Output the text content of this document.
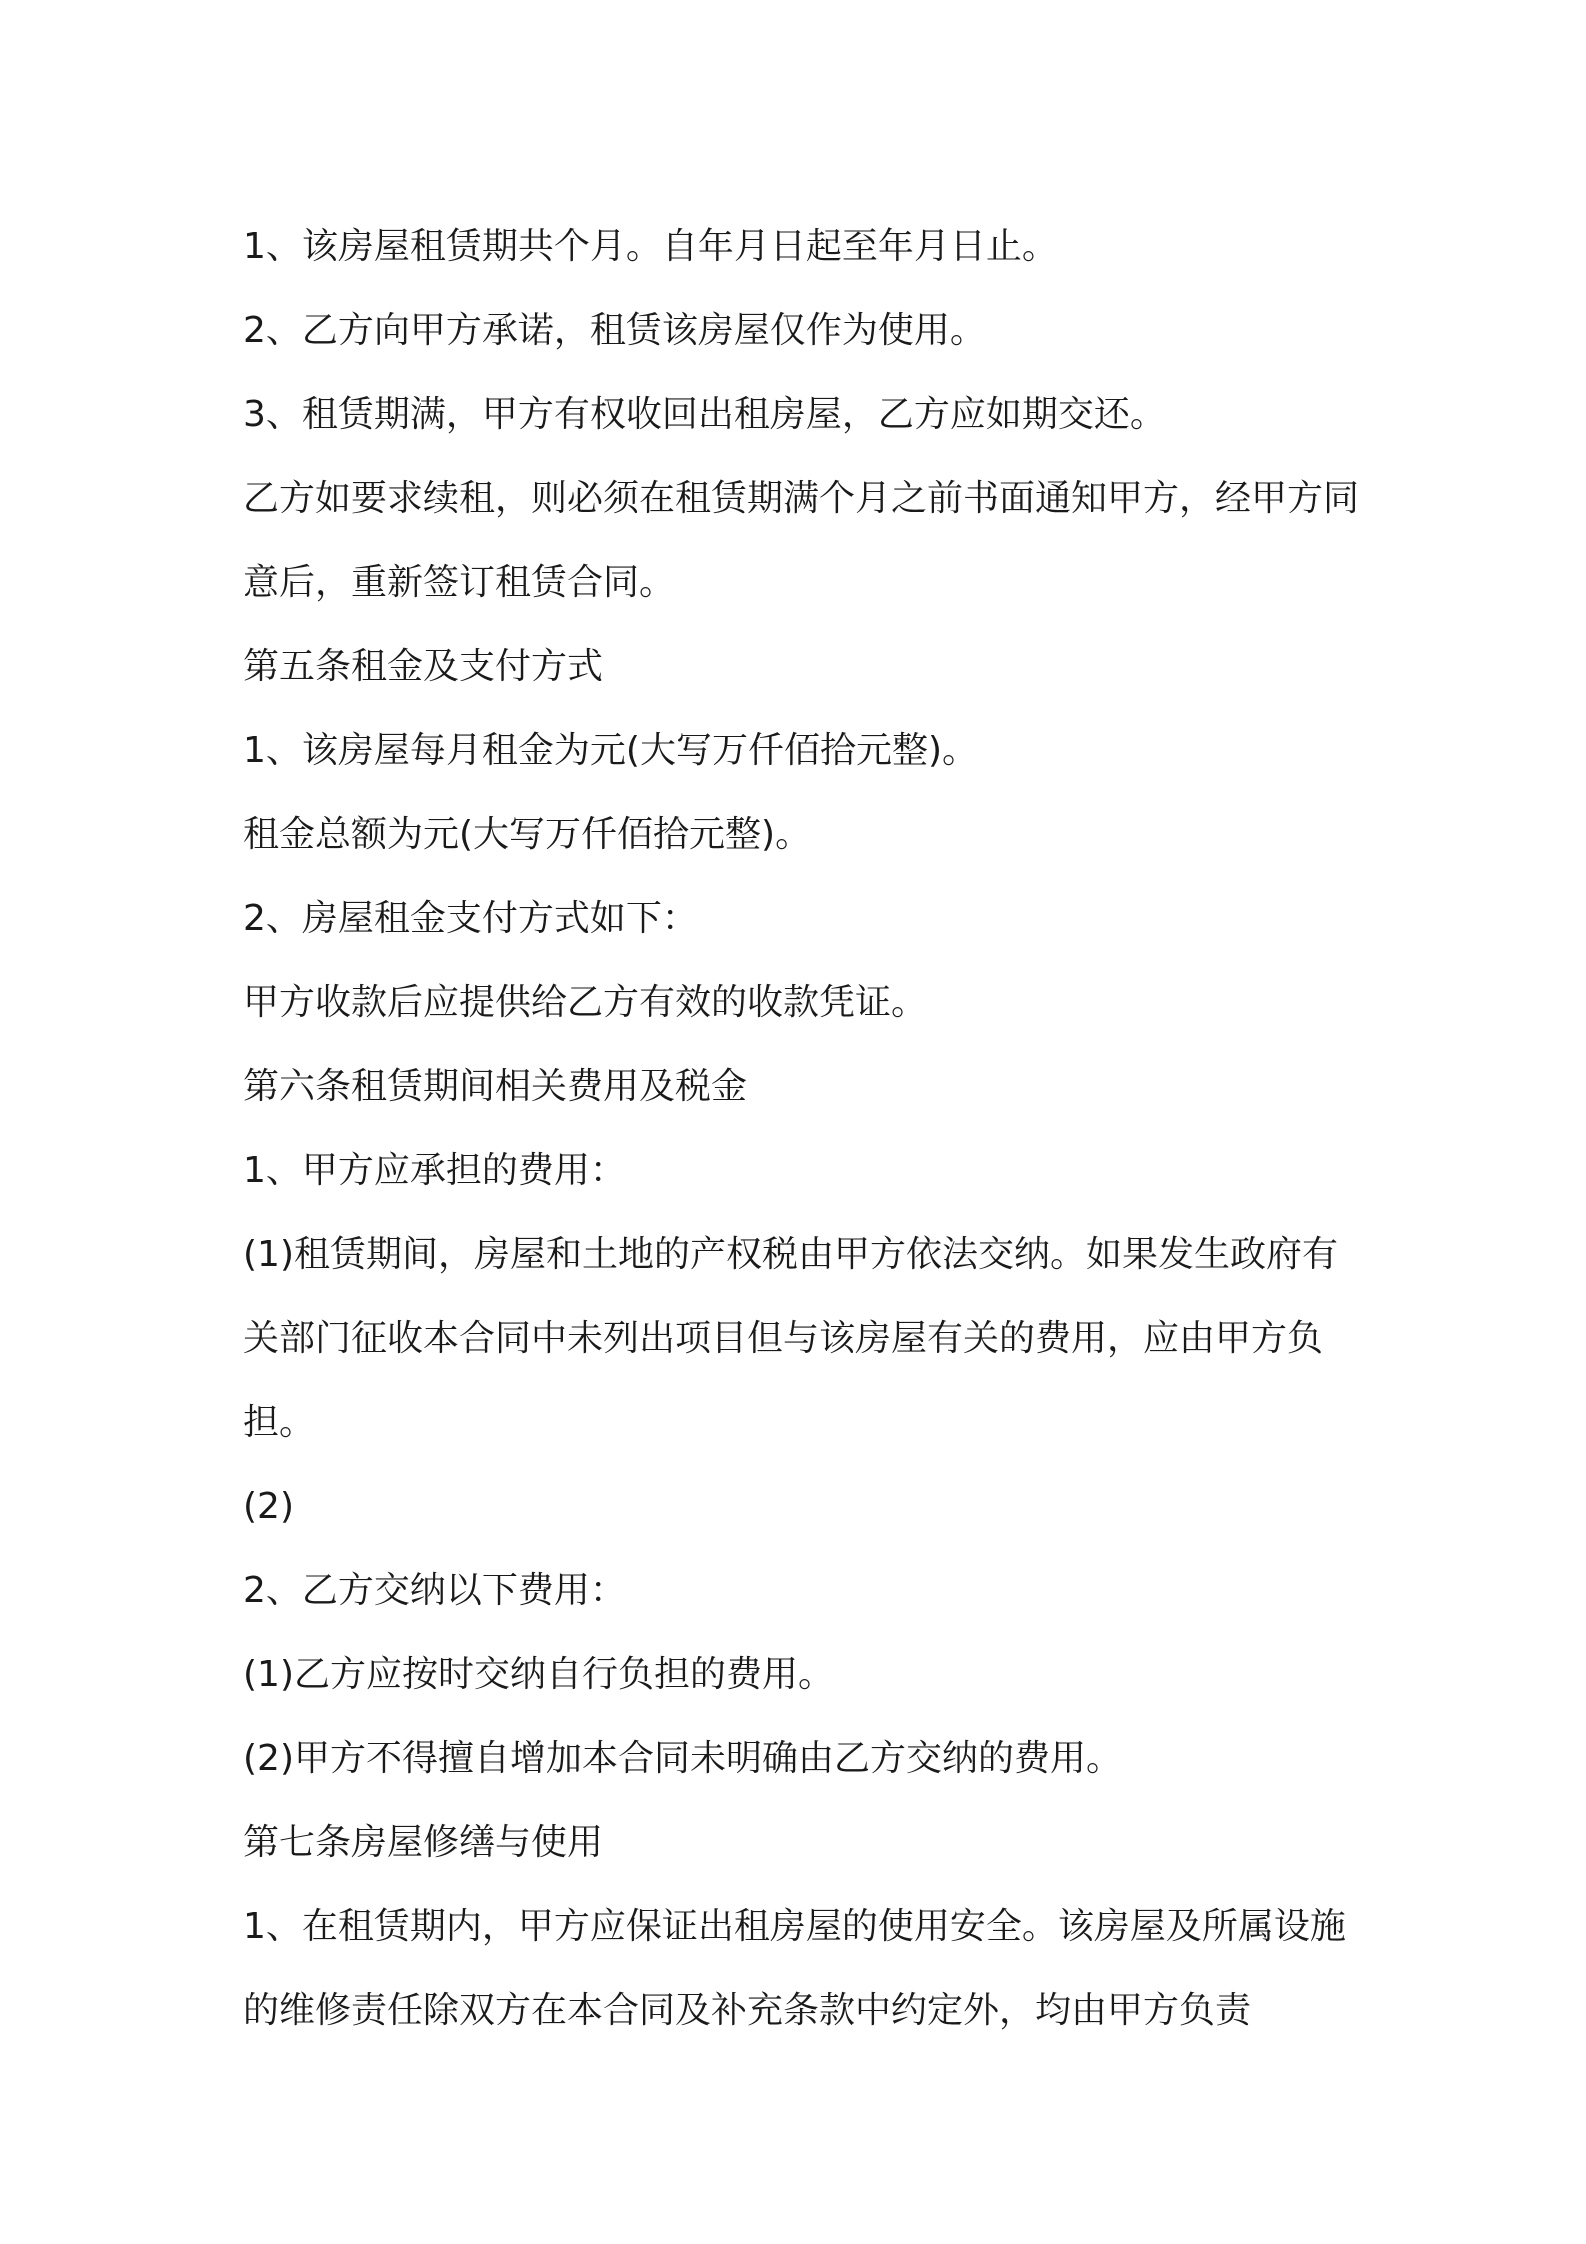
1、该房屋租赁期共个月。自年月日起至年月日止。

2、乙方向甲方承诺，租赁该房屋仅作为使用。

3、租赁期满，甲方有权收回出租房屋，乙方应如期交还。

乙方如要求续租，则必须在租赁期满个月之前书面通知甲方，经甲方同意后，重新签订租赁合同。

第五条租金及支付方式

1、该房屋每月租金为元(大写万仟佰拾元整)。

租金总额为元(大写万仟佰拾元整)。

2、房屋租金支付方式如下：

甲方收款后应提供给乙方有效的收款凭证。

第六条租赁期间相关费用及税金

1、甲方应承担的费用：

(1)租赁期间，房屋和土地的产权税由甲方依法交纳。如果发生政府有关部门征收本合同中未列出项目但与该房屋有关的费用，应由甲方负担。

(2)

2、乙方交纳以下费用：

(1)乙方应按时交纳自行负担的费用。

(2)甲方不得擅自增加本合同未明确由乙方交纳的费用。

第七条房屋修缮与使用

1、在租赁期内，甲方应保证出租房屋的使用安全。该房屋及所属设施的维修责任除双方在本合同及补充条款中约定外，均由甲方负责
